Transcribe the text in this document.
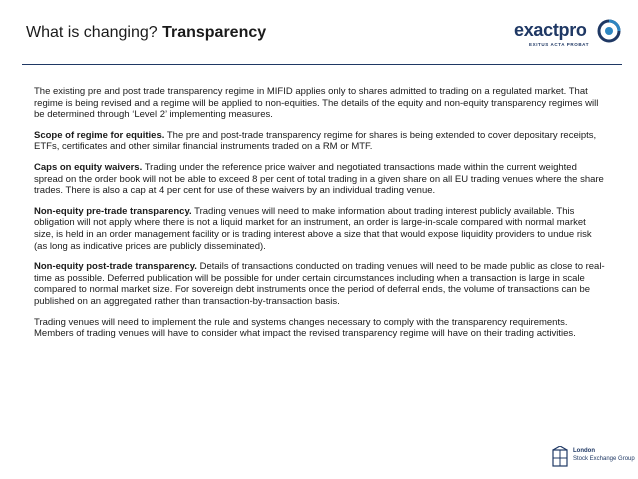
What is changing? Transparency	exactpro
EXITUS ACTA PROBAT

The existing pre and post trade transparency regime in MIFID applies only to shares admitted to trading on a regulated market. That regime is being revised and a regime will be applied to non-equities. The details of the equity and non-equity transparency regimes will be determined through ‘Level 2’ implementing measures.

Scope of regime for equities. The pre and post-trade transparency regime for shares is being extended to cover depositary receipts, ETFs, certificates and other similar financial instruments traded on a RM or MTF.

Caps on equity waivers. Trading under the reference price waiver and negotiated transactions made within the current weighted spread on the order book will not be able to exceed 8 per cent of total trading in a given share on all EU trading venues where the share trades. There is also a cap at 4 per cent for use of these waivers by an individual trading venue.

Non-equity pre-trade transparency. Trading venues will need to make information about trading interest publicly available. This obligation will not apply where there is not a liquid market for an instrument, an order is large-in-scale compared with normal market size, is held in an order management facility or is trading interest above a size that that would expose liquidity providers to undue risk (as long as indicative prices are publicly disseminated).

Non-equity post-trade transparency. Details of transactions conducted on trading venues will need to be made public as close to real-time as possible. Deferred publication will be possible for under certain circumstances including when a transaction is large in scale compared to normal market size. For sovereign debt instruments once the period of deferral ends, the volume of transactions can be published on an aggregated rather than transaction-by-transaction basis.

Trading venues will need to implement the rule and systems changes necessary to comply with the transparency requirements. Members of trading venues will have to consider what impact the revised transparency regime will have on their trading activities.

London
Stock Exchange Group
